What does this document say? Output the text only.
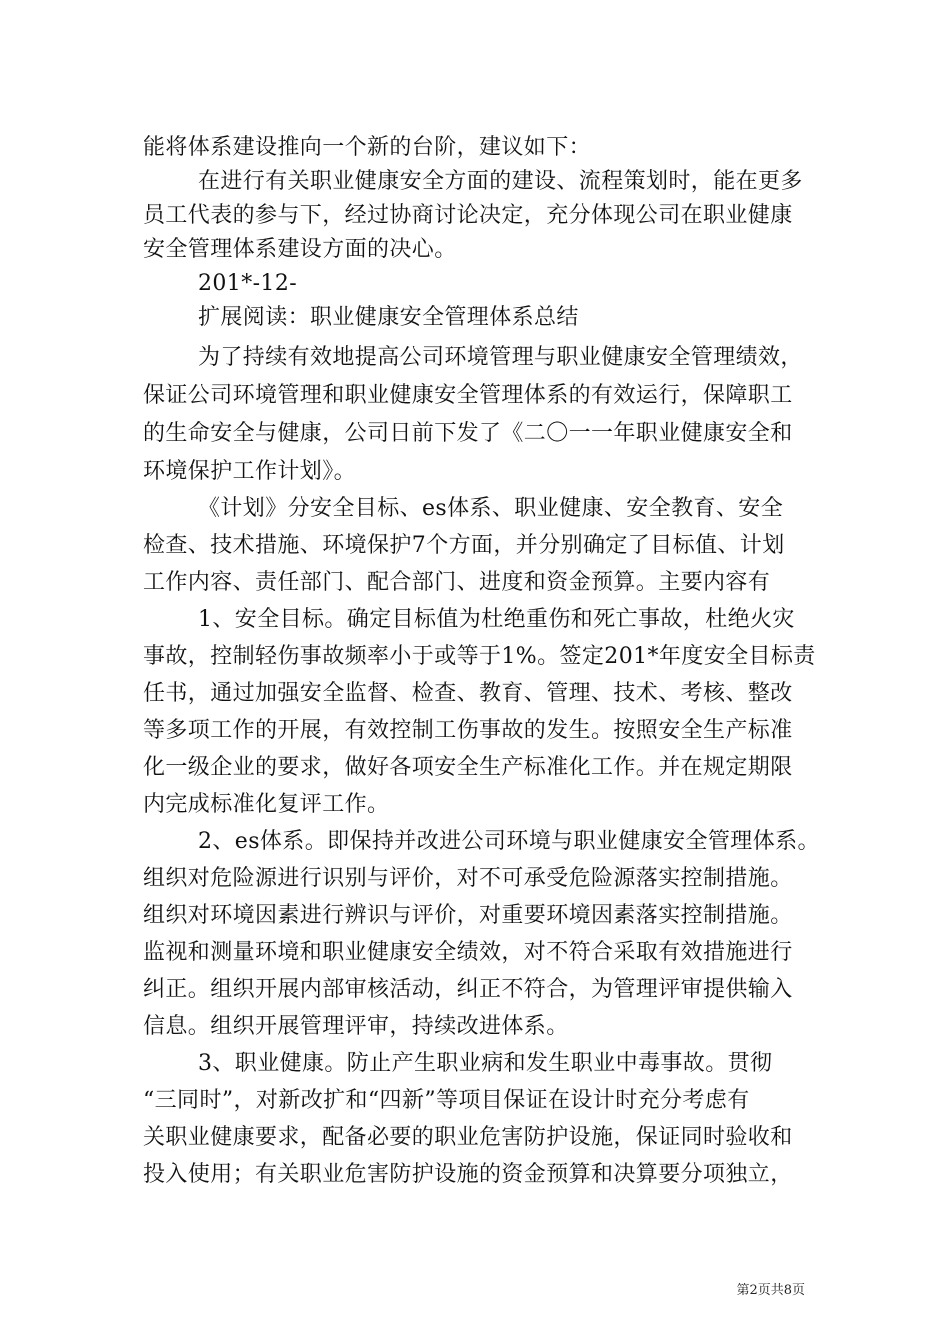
能将体系建设推向一个新的台阶，建议如下：
在进行有关职业健康安全方面的建设、流程策划时，能在更多
员工代表的参与下，经过协商讨论决定，充分体现公司在职业健康
安全管理体系建设方面的决心。
201*-12-
扩展阅读：职业健康安全管理体系总结
为了持续有效地提高公司环境管理与职业健康安全管理绩效，
保证公司环境管理和职业健康安全管理体系的有效运行，保障职工
的生命安全与健康，公司日前下发了《二〇一一年职业健康安全和
环境保护工作计划》。
《计划》分安全目标、es体系、职业健康、安全教育、安全
检查、技术措施、环境保护7个方面，并分别确定了目标值、计划
工作内容、责任部门、配合部门、进度和资金预算。主要内容有
1、安全目标。确定目标值为杜绝重伤和死亡事故，杜绝火灾
事故，控制轻伤事故频率小于或等于1%。签定201*年度安全目标责
任书，通过加强安全监督、检查、教育、管理、技术、考核、整改
等多项工作的开展，有效控制工伤事故的发生。按照安全生产标准
化一级企业的要求，做好各项安全生产标准化工作。并在规定期限
内完成标准化复评工作。
2、es体系。即保持并改进公司环境与职业健康安全管理体系。
组织对危险源进行识别与评价，对不可承受危险源落实控制措施。
组织对环境因素进行辨识与评价，对重要环境因素落实控制措施。
监视和测量环境和职业健康安全绩效，对不符合采取有效措施进行
纠正。组织开展内部审核活动，纠正不符合，为管理评审提供输入
信息。组织开展管理评审，持续改进体系。
3、职业健康。防止产生职业病和发生职业中毒事故。贯彻
“三同时”，对新改扩和“四新”等项目保证在设计时充分考虑有
关职业健康要求，配备必要的职业危害防护设施，保证同时验收和
投入使用；有关职业危害防护设施的资金预算和决算要分项独立，
第2页共8页
